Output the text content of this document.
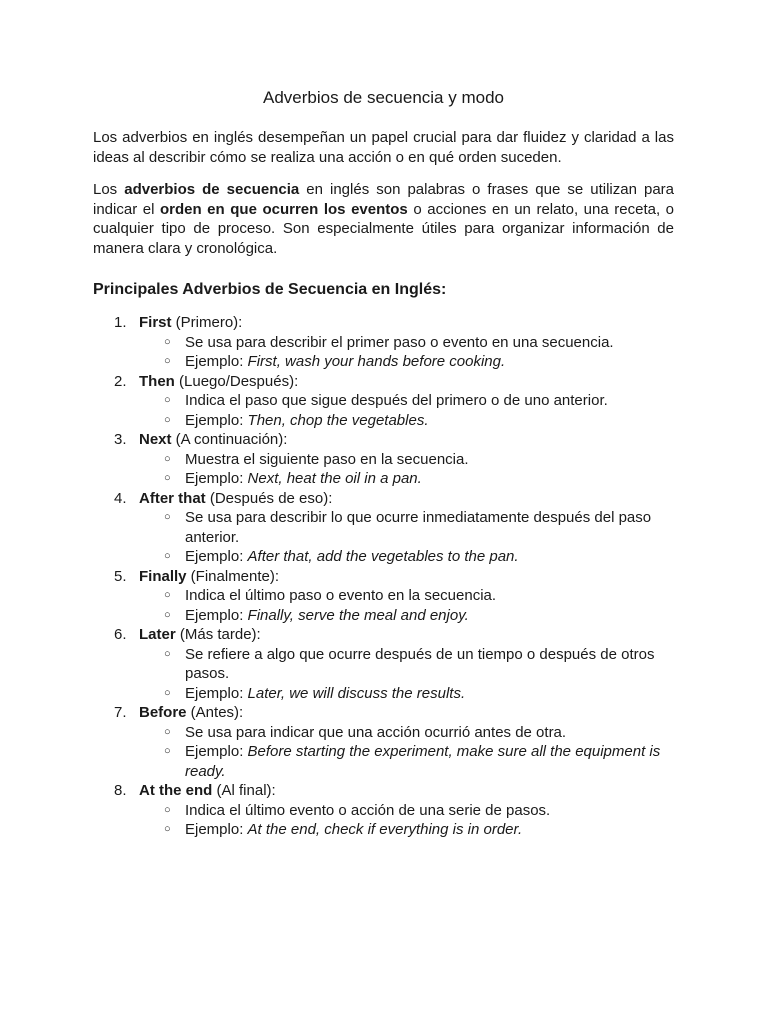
Adverbios de secuencia y modo

Los adverbios en inglés desempeñan un papel crucial para dar fluidez y claridad a las ideas al describir cómo se realiza una acción o en qué orden suceden.

Los adverbios de secuencia en inglés son palabras o frases que se utilizan para indicar el orden en que ocurren los eventos o acciones en un relato, una receta, o cualquier tipo de proceso. Son especialmente útiles para organizar información de manera clara y cronológica.

Principales Adverbios de Secuencia en Inglés:
1. First (Primero):
○ Se usa para describir el primer paso o evento en una secuencia.
○ Ejemplo: First, wash your hands before cooking.
2. Then (Luego/Después):
○ Indica el paso que sigue después del primero o de uno anterior.
○ Ejemplo: Then, chop the vegetables.
3. Next (A continuación):
○ Muestra el siguiente paso en la secuencia.
○ Ejemplo: Next, heat the oil in a pan.
4. After that (Después de eso):
○ Se usa para describir lo que ocurre inmediatamente después del paso anterior.
○ Ejemplo: After that, add the vegetables to the pan.
5. Finally (Finalmente):
○ Indica el último paso o evento en la secuencia.
○ Ejemplo: Finally, serve the meal and enjoy.
6. Later (Más tarde):
○ Se refiere a algo que ocurre después de un tiempo o después de otros pasos.
○ Ejemplo: Later, we will discuss the results.
7. Before (Antes):
○ Se usa para indicar que una acción ocurrió antes de otra.
○ Ejemplo: Before starting the experiment, make sure all the equipment is ready.
8. At the end (Al final):
○ Indica el último evento o acción de una serie de pasos.
○ Ejemplo: At the end, check if everything is in order.
